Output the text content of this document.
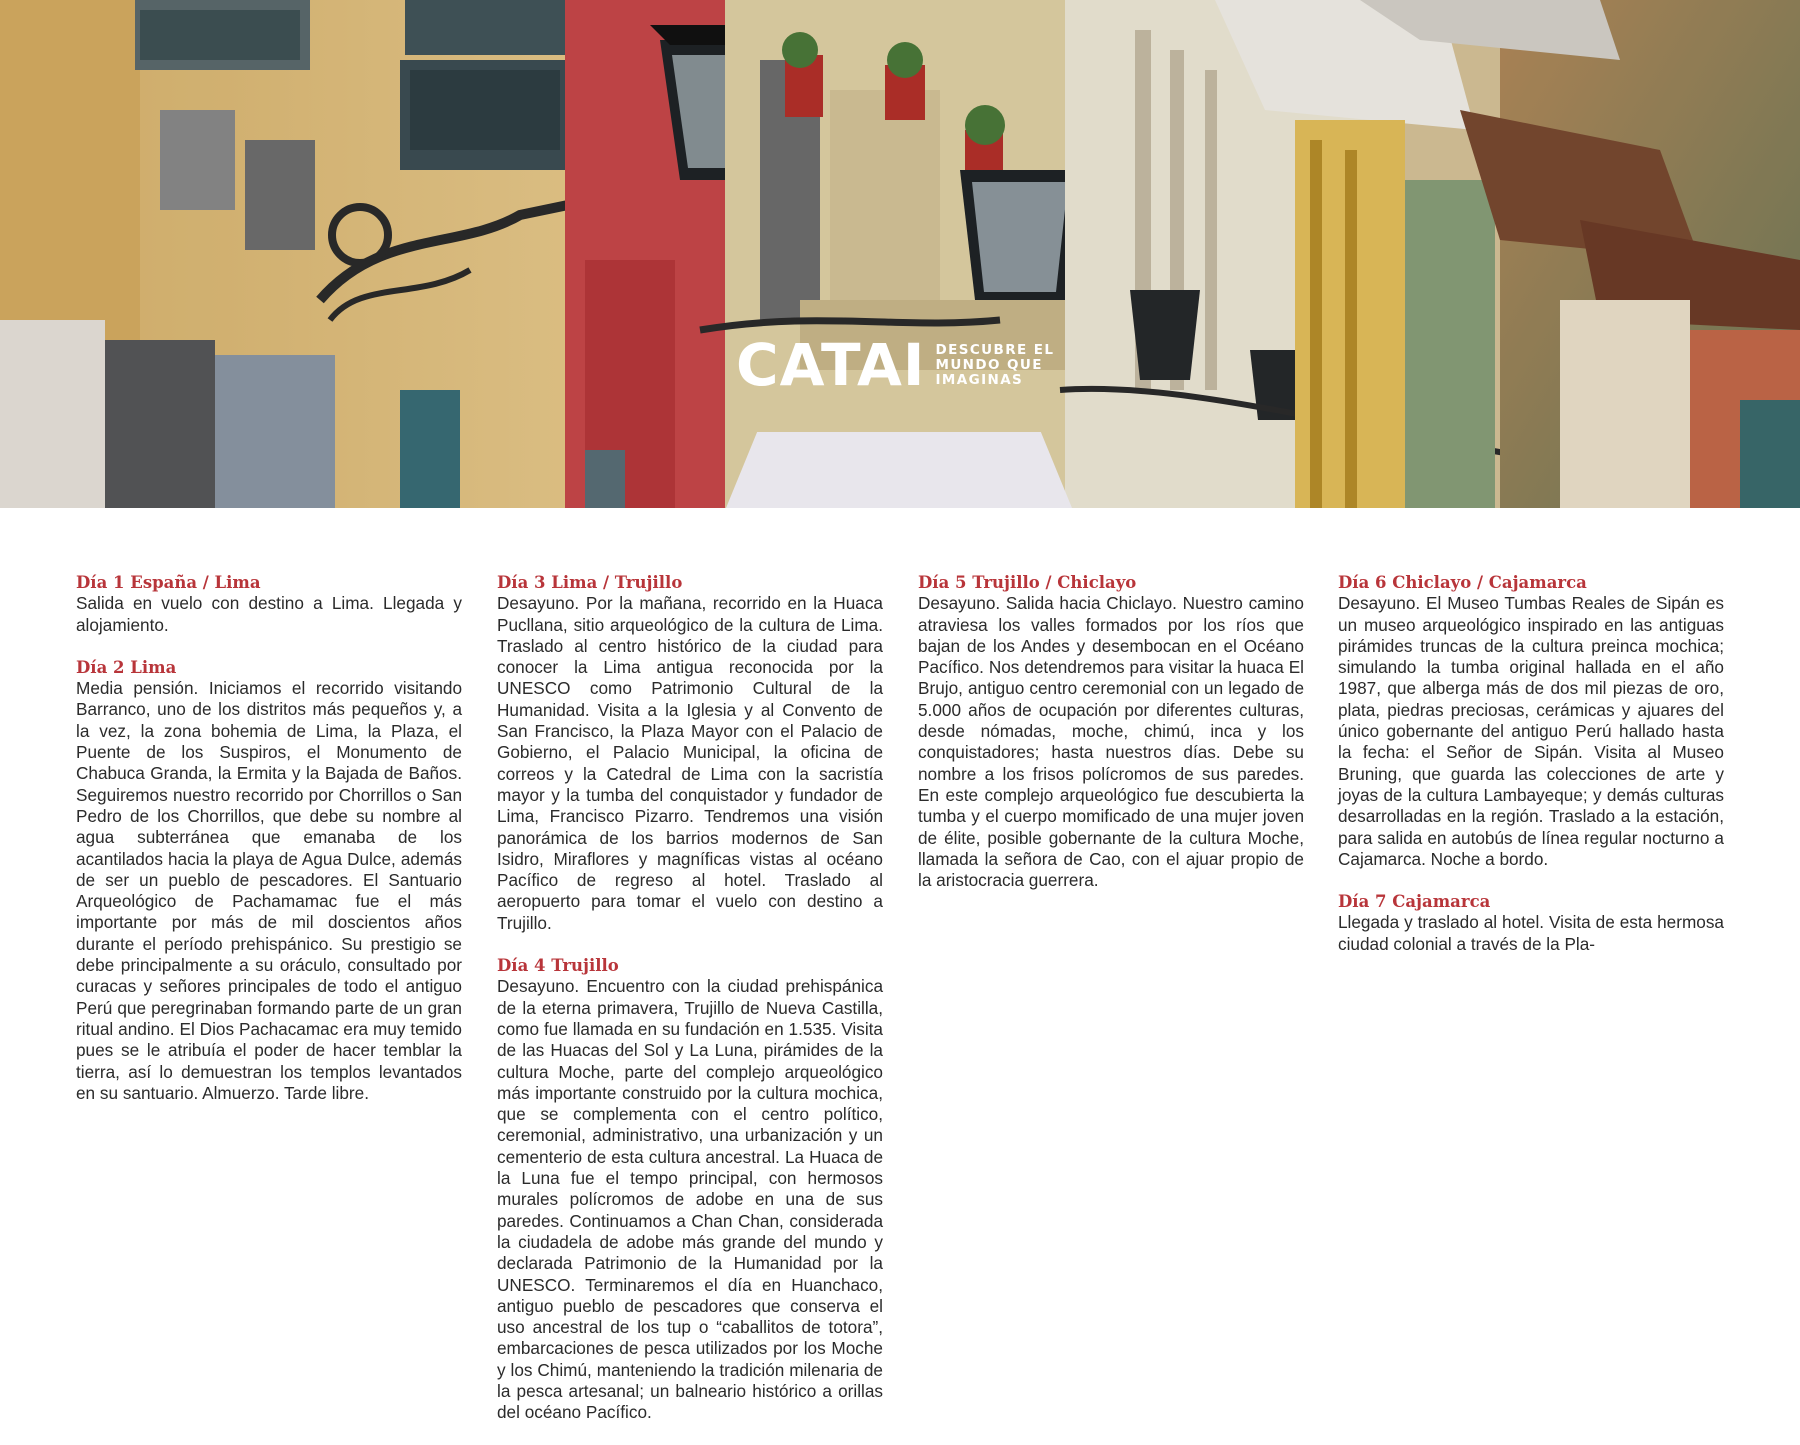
CATAI DESCUBRE EL MUNDO QUE IMAGINAS

Día 1 España / Lima
Salida en vuelo con destino a Lima. Llegada y alojamiento.

Día 2 Lima
Media pensión. Iniciamos el recorrido visitando Barranco, uno de los distritos más pequeños y, a la vez, la zona bohemia de Lima, la Plaza, el Puente de los Suspiros, el Monumento de Chabuca Granda, la Ermita y la Bajada de Baños. Seguiremos nuestro recorrido por Chorrillos o San Pedro de los Chorrillos, que debe su nombre al agua subterránea que emanaba de los acantilados hacia la playa de Agua Dulce, además de ser un pueblo de pescadores. El Santuario Arqueológico de Pachamamac fue el más importante por más de mil doscientos años durante el período prehispánico. Su prestigio se debe principalmente a su oráculo, consultado por curacas y señores principales de todo el antiguo Perú que peregrinaban formando parte de un gran ritual andino. El Dios Pachacamac era muy temido pues se le atribuía el poder de hacer temblar la tierra, así lo demuestran los templos levantados en su santuario. Almuerzo. Tarde libre.

Día 3 Lima / Trujillo
Desayuno. Por la mañana, recorrido en la Huaca Pucllana, sitio arqueológico de la cultura de Lima. Traslado al centro histórico de la ciudad para conocer la Lima antigua reconocida por la UNESCO como Patrimonio Cultural de la Humanidad. Visita a la Iglesia y al Convento de San Francisco, la Plaza Mayor con el Palacio de Gobierno, el Palacio Municipal, la oficina de correos y la Catedral de Lima con la sacristía mayor y la tumba del conquistador y fundador de Lima, Francisco Pizarro. Tendremos una visión panorámica de los barrios modernos de San Isidro, Miraflores y magníficas vistas al océano Pacífico de regreso al hotel. Traslado al aeropuerto para tomar el vuelo con destino a Trujillo.

Día 4 Trujillo
Desayuno. Encuentro con la ciudad prehispánica de la eterna primavera, Trujillo de Nueva Castilla, como fue llamada en su fundación en 1.535. Visita de las Huacas del Sol y La Luna, pirámides de la cultura Moche, parte del complejo arqueológico más importante construido por la cultura mochica, que se complementa con el centro político, ceremonial, administrativo, una urbanización y un cementerio de esta cultura ancestral. La Huaca de la Luna fue el tempo principal, con hermosos murales polícromos de adobe en una de sus paredes. Continuamos a Chan Chan, considerada la ciudadela de adobe más grande del mundo y declarada Patrimonio de la Humanidad por la UNESCO. Terminaremos el día en Huanchaco, antiguo pueblo de pescadores que conserva el uso ancestral de los tup o “caballitos de totora”, embarcaciones de pesca utilizados por los Moche y los Chimú, manteniendo la tradición milenaria de la pesca artesanal; un balneario histórico a orillas del océano Pacífico.

Día 5 Trujillo / Chiclayo
Desayuno. Salida hacia Chiclayo. Nuestro camino atraviesa los valles formados por los ríos que bajan de los Andes y desembocan en el Océano Pacífico. Nos detendremos para visitar la huaca El Brujo, antiguo centro ceremonial con un legado de 5.000 años de ocupación por diferentes culturas, desde nómadas, moche, chimú, inca y los conquistadores; hasta nuestros días. Debe su nombre a los frisos polícromos de sus paredes. En este complejo arqueológico fue descubierta la tumba y el cuerpo momificado de una mujer joven de élite, posible gobernante de la cultura Moche, llamada la señora de Cao, con el ajuar propio de la aristocracia guerrera.

Día 6 Chiclayo / Cajamarca
Desayuno. El Museo Tumbas Reales de Sipán es un museo arqueológico inspirado en las antiguas pirámides truncas de la cultura preinca mochica; simulando la tumba original hallada en el año 1987, que alberga más de dos mil piezas de oro, plata, piedras preciosas, cerámicas y ajuares del único gobernante del antiguo Perú hallado hasta la fecha: el Señor de Sipán. Visita al Museo Bruning, que guarda las colecciones de arte y joyas de la cultura Lambayeque; y demás culturas desarrolladas en la región. Traslado a la estación, para salida en autobús de línea regular nocturno a Cajamarca. Noche a bordo.

Día 7 Cajamarca
Llegada y traslado al hotel. Visita de esta hermosa ciudad colonial a través de la Pla-
